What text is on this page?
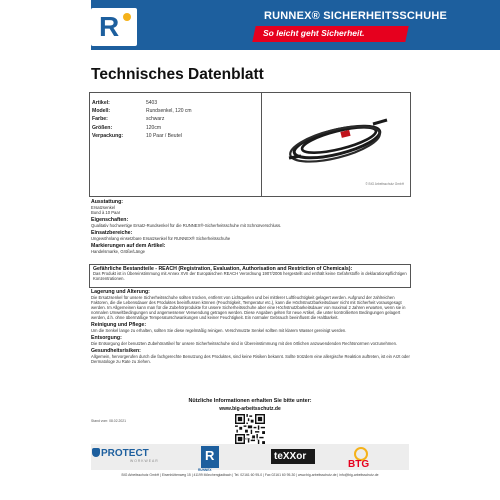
R	RUNNEX® SICHERHEITSSCHUHE
So leicht geht Sicherheit.
Technisches Datenblatt
Artikel:	5403
Modell:	Rundsenkel, 120 cm
Farbe:	schwarz
Größen:	120cm
Verpackung:	10 Paar / Beutel
© BIG Arbeitsschutz GmbH
Ausstattung:
Ersatzsenkel
Bund à 10 Paar
Eigenschaften:
Qualitativ hochwertige Ersatz-Rundsenkel für die RUNNEX®-Sicherheitsschuhe mit Schnürverschluss.
Einsatzbereiche:
Ungewöhnlang einsetzbare Ersatzsenkel für RUNNEX® Sicherheitsschuhe
Markierungen auf dem Artikel:
Handelsmarke, Größe/Länge
Gefährliche Bestandteile - REACH (Registration, Evaluation, Authorisation and Restriction of Chemicals):
Das Produkt ist in Übereinstimmung mit Annex XVII der Europäischen REACH Verordnung 1907/2006 hergestellt und enthält keine Gefahrstoffe in deklarationspflichtigen Konzentrationen.
Lagerung und Alterung:
Die Ersatzsenkel für unsere Sicherheitsschuhe sollten trocken, entfernt von Lichtquellen und bei mittlerer Luftfeuchtigkeit gelagert werden. Aufgrund der zahlreichen Faktoren, die die Lebensdauer des Produktes beeinflussen können (Feuchtigkeit, Temperatur etc.), kann die Höchstnutzbarkeitsdauer nicht mit Sicherheit vorausgesagt werden. Im Allgemeinen kann man für die Zubehörprodukte für unsere Sicherheitsschuhe aber eine Höchstnutzbarkeitsdauer von maximal 2 Jahren erwarten, wenn sie in normalen Umweltbedingungen und angemessener Verwendung getragen werden. Diese Angaben gelten für neue Artikel, die unter kontrollierten Bedingungen gelagert werden, d.h. ohne übermäßige Temperaturschwankungen und keiner Feuchtigkeit. Ein normaler Gebrauch beeinflusst die Haltbarkeit.
Reinigung und Pflege:
Um die Senkel lange zu erhalten, sollten Sie diese regelmäßig reinigen. Verschmutzte Senkel sollten mit klarem Wasser gereinigt werden.
Entsorgung:
Die Entsorgung der benutzten Zubehörartikel für unsere Sicherheitsschuhe sind in Übereinstimmung mit den örtlichen anzuwendenden Rechtsnormen vorzunehmen.
Gesundheitsrisiken:
Allgemein, hervorgerufen durch die fachgerechte Benutzung des Produktes, sind keine Risiken bekannt. Sollte trotzdem eine allergische Reaktion auftreten, ist ein Arzt oder Dermatologe zu Rate zu ziehen.
Nützliche Informationen erhalten Sie bitte unter:
www.big-arbeitsschutz.de
Stand vom: 08.02.2021
Seite 1 / 1
PROTECT
WORKWEAR	R
RUNNEX
teXXor
BTG
BIG Arbeitsschutz GmbH | Eisenhüttenweg 15 | 41199 Mönchengladbach | Tel. 02161 60 95-0 | Fax 02161 60 95-30 | www.big-arbeitsschutz.de | info@big-arbeitsschutz.de
